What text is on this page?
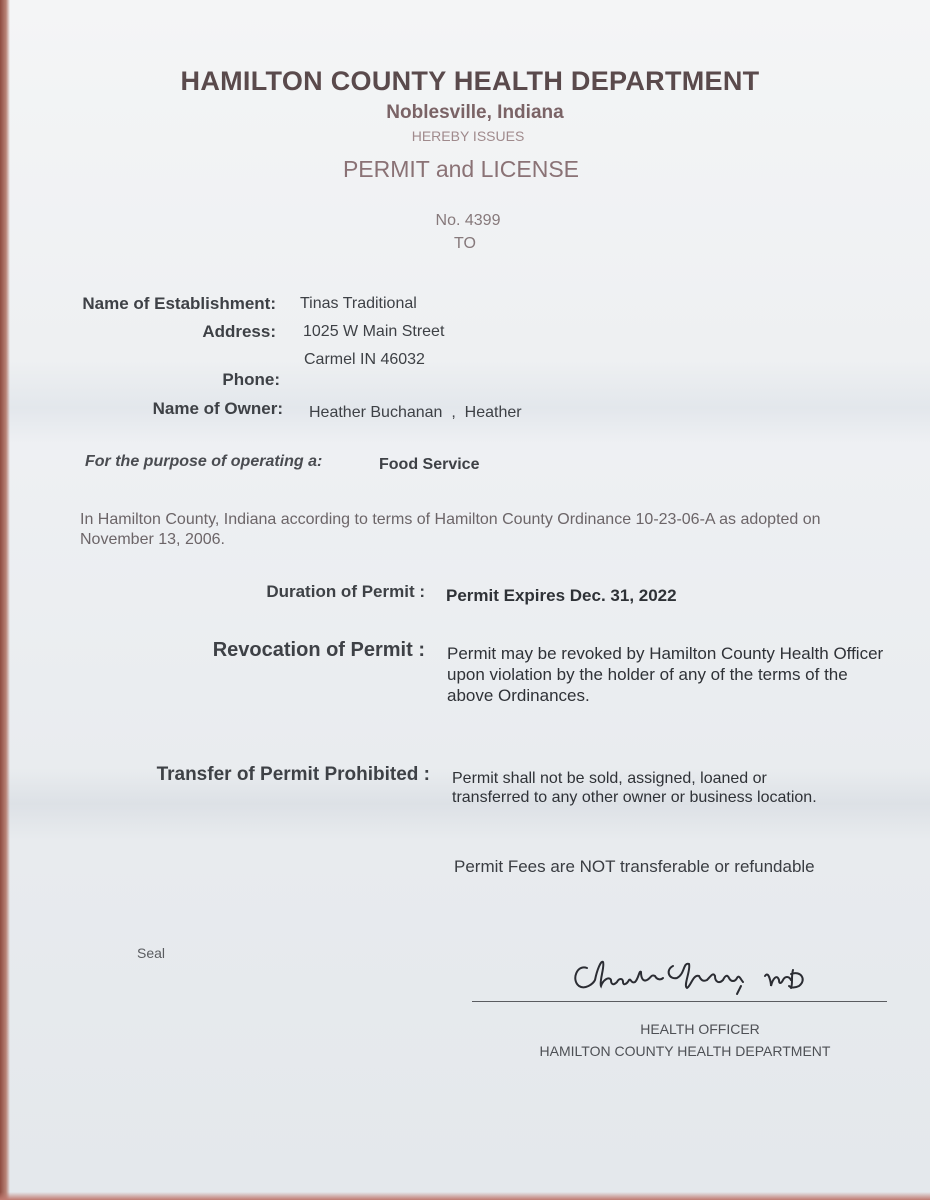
HAMILTON COUNTY HEALTH DEPARTMENT
Noblesville, Indiana
HEREBY ISSUES
PERMIT and LICENSE
No. 4399
TO
Name of Establishment: Tinas Traditional
Address: 1025 W Main Street
Carmel IN 46032
Phone:
Name of Owner: Heather Buchanan  ,  Heather
For the purpose of operating a:	Food Service
In Hamilton County, Indiana according to terms of Hamilton County Ordinance 10-23-06-A as adopted on November 13, 2006.
Duration of Permit : Permit Expires Dec. 31, 2022
Revocation of Permit : Permit may be revoked by Hamilton County Health Officer upon violation by the holder of any of the terms of the above Ordinances.
Transfer of Permit Prohibited : Permit shall not be sold, assigned, loaned or transferred to any other owner or business location.
Permit Fees are NOT transferable or refundable
Seal
HEALTH OFFICER
HAMILTON COUNTY HEALTH DEPARTMENT
